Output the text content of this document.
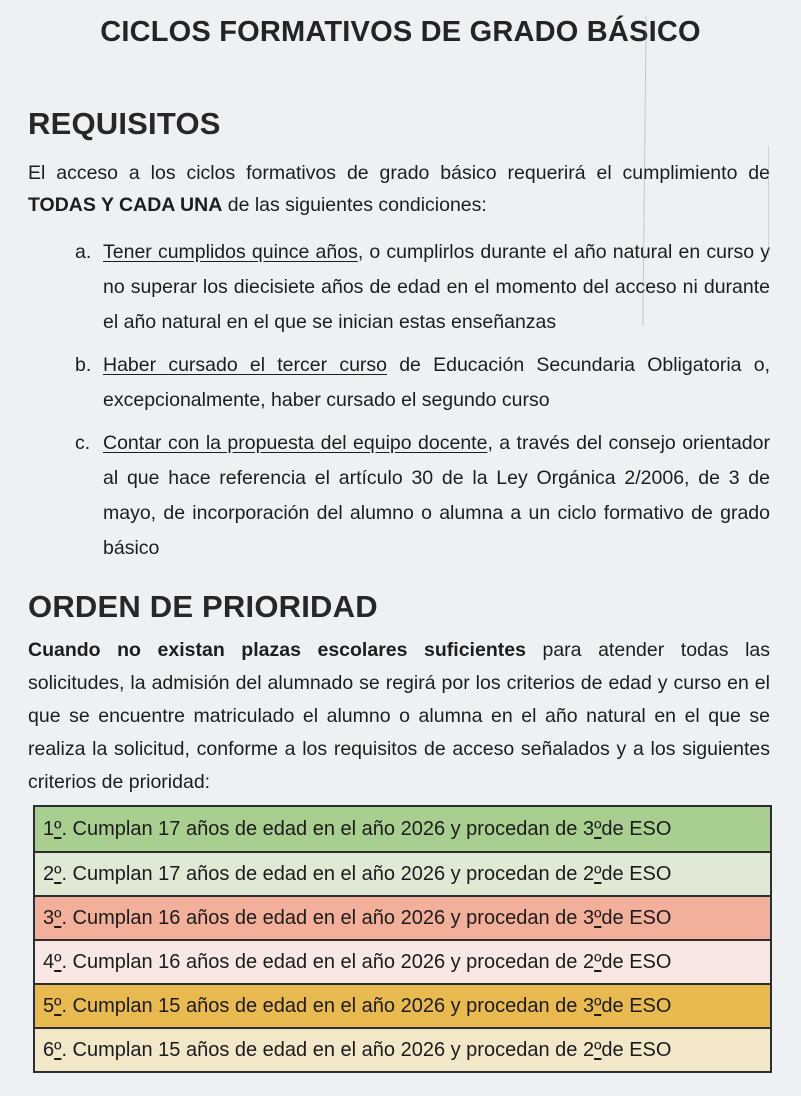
CICLOS FORMATIVOS DE GRADO BÁSICO
REQUISITOS
El acceso a los ciclos formativos de grado básico requerirá el cumplimiento de TODAS Y CADA UNA de las siguientes condiciones:
a. Tener cumplidos quince años, o cumplirlos durante el año natural en curso y no superar los diecisiete años de edad en el momento del acceso ni durante el año natural en el que se inician estas enseñanzas
b. Haber cursado el tercer curso de Educación Secundaria Obligatoria o, excepcionalmente, haber cursado el segundo curso
c. Contar con la propuesta del equipo docente, a través del consejo orientador al que hace referencia el artículo 30 de la Ley Orgánica 2/2006, de 3 de mayo, de incorporación del alumno o alumna a un ciclo formativo de grado básico
ORDEN DE PRIORIDAD
Cuando no existan plazas escolares suficientes para atender todas las solicitudes, la admisión del alumnado se regirá por los criterios de edad y curso en el que se encuentre matriculado el alumno o alumna en el año natural en el que se realiza la solicitud, conforme a los requisitos de acceso señalados y a los siguientes criterios de prioridad:
1 º . Cumplan 17 años de edad en el año 2026 y procedan de 3 º de ESO
2 º . Cumplan 17 años de edad en el año 2026 y procedan de 2 º de ESO
3 º . Cumplan 16 años de edad en el año 2026 y procedan de 3 º de ESO
4 º . Cumplan 16 años de edad en el año 2026 y procedan de 2 º de ESO
5 º . Cumplan 15 años de edad en el año 2026 y procedan de 3 º de ESO
6 º . Cumplan 15 años de edad en el año 2026 y procedan de 2 º de ESO
